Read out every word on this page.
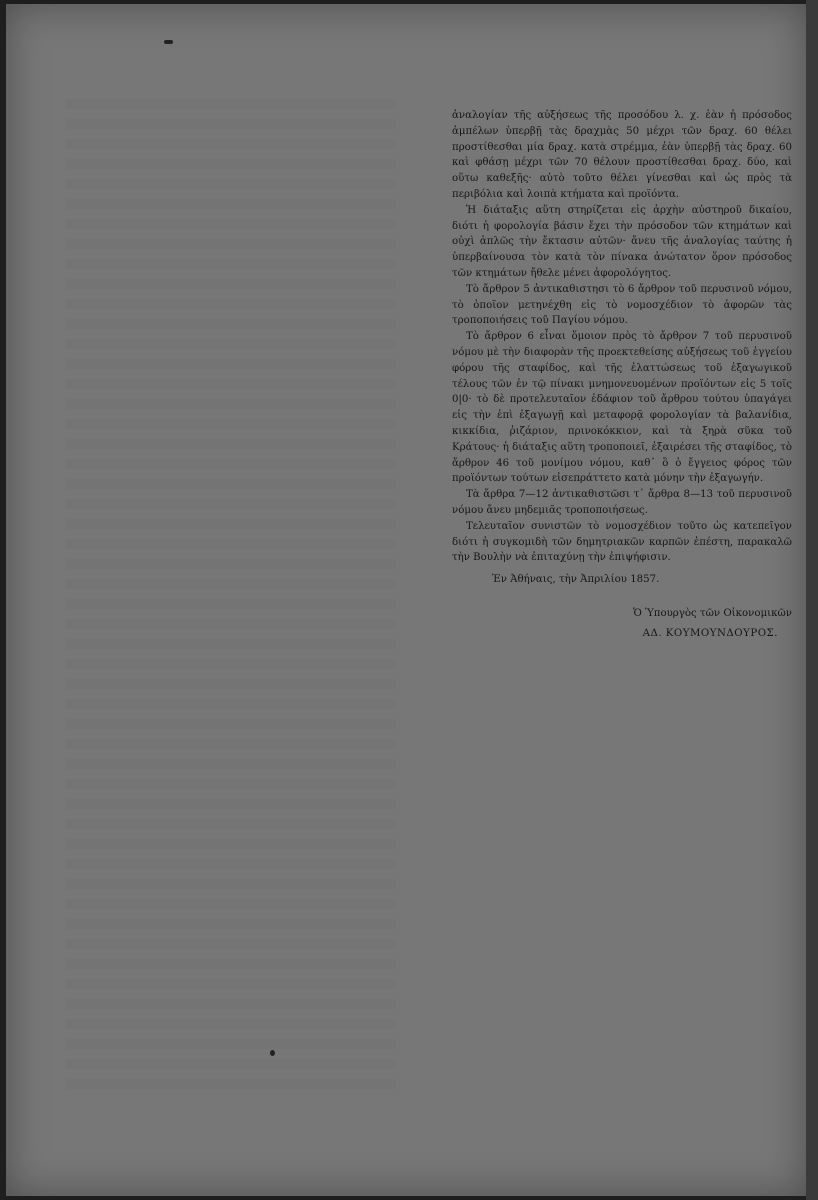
ἀναλογίαν τῆς αὐξήσεως τῆς προσόδου λ. χ. ἐὰν ἡ πρόσοδος ἀμπέλων ὑπερβῇ τὰς δραχμὰς 50 μέχρι τῶν δραχ. 60 θέλει προστίθεσθαι μία δραχ. κατὰ στρέμμα, ἐὰν ὑπερβῇ τὰς δραχ. 60 καὶ φθάσῃ μέχρι τῶν 70 θέλουν προστίθεσθαι δραχ. δύο, καὶ οὕτω καθεξῆς· αὐτὸ τοῦτο θέλει γίνεσθαι καὶ ὡς πρὸς τὰ περιβόλια καὶ λοιπὰ κτήματα καὶ προϊόντα.

Ἡ διάταξις αὕτη στηρίζεται εἰς ἀρχὴν αὐστηροῦ δικαίου, διότι ἡ φορολογία βάσιν ἔχει τὴν πρόσοδον τῶν κτημάτων καὶ οὐχὶ ἁπλῶς τὴν ἔκτασιν αὐτῶν· ἄνευ τῆς ἀναλογίας ταύτης ἡ ὑπερβαίνουσα τὸν κατὰ τὸν πίνακα ἀνώτατον ὅρον πρόσοδος τῶν κτημάτων ἤθελε μένει ἀφορολόγητος.

Τὸ ἄρθρον 5 ἀντικαθιστησι τὸ 6 ἄρθρον τοῦ περυσινοῦ νόμου, τὸ ὁποῖον μετηνέχθη εἰς τὸ νομοσχέδιον τὸ ἀφορῶν τὰς τροποποιήσεις τοῦ Παγίου νόμου.

Τὸ ἄρθρον 6 εἶναι ὅμοιον πρὸς τὸ ἄρθρον 7 τοῦ περυσινοῦ νόμου μὲ τὴν διαφορὰν τῆς προεκτεθείσης αὐξήσεως τοῦ ἐγγείου φόρου τῆς σταφίδος, καὶ τῆς ἐλαττώσεως τοῦ ἐξαγωγικοῦ τέλους τῶν ἐν τῷ πίνακι μνημονευομένων προϊόντων εἰς 5 τοῖς 0|0· τὸ δὲ προτελευταῖον ἐδάφιον τοῦ ἄρθρου τούτου ὑπαγάγει εἰς τὴν ἐπὶ ἐξαγωγῇ καὶ μεταφορᾷ φορολογίαν τὰ βαλανίδια, κικκίδια, ῥιζάριον, πρινοκόκκιον, καὶ τὰ ξηρὰ σῦκα τοῦ Κράτους· ἡ διάταξις αὕτη τροποποιεῖ, ἐξαιρέσει τῆς σταφίδος, τὸ ἄρθρον 46 τοῦ μονίμου νόμου, καθ᾽ ὃ ὁ ἔγγειος φόρος τῶν προϊόντων τούτων εἰσεπράττετο κατὰ μόνην τὴν ἐξαγωγήν.

Τὰ ἄρθρα 7—12 ἀντικαθιστῶσι τ᾽ ἄρθρα 8—13 τοῦ περυσινοῦ νόμου ἄνευ μηδεμιᾶς τροποποιήσεως.

Τελευταῖον συνιστῶν τὸ νομοσχέδιον τοῦτο ὡς κατεπεῖγον διότι ἡ συγκομιδὴ τῶν δημητριακῶν καρπῶν ἐπέστη, παρακαλῶ τὴν Βουλὴν νὰ ἐπιταχύνῃ τὴν ἐπιψήφισιν.

Ἐν Ἀθήναις, τὴν Ἀπριλίου 1857.

Ὁ Ὑπουργὸς τῶν Οἰκονομικῶν
ΑΔ. ΚΟΥΜΟΥΝΔΟΥΡΟΣ.
